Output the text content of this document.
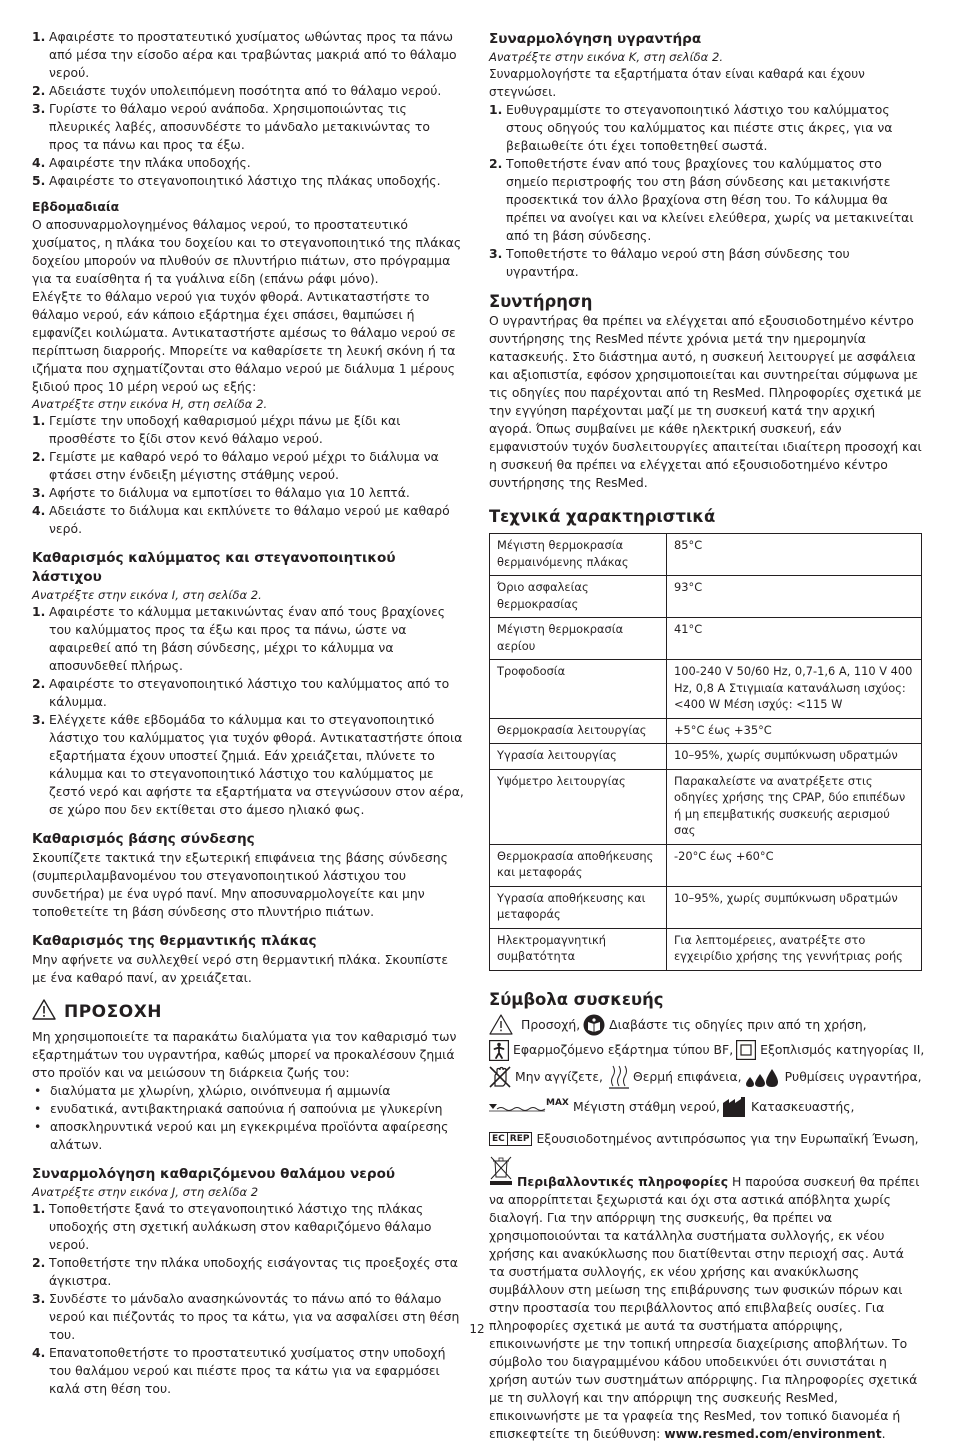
1. Αφαιρέστε το προστατευτικό χυσίματος ωθώντας προς τα πάνω από μέσα την είσοδο αέρα και τραβώντας μακριά από το θάλαμο νερού.
2. Αδειάστε τυχόν υπολειπόμενη ποσότητα από το θάλαμο νερού.
3. Γυρίστε το θάλαμο νερού ανάποδα. Χρησιμοποιώντας τις πλευρικές λαβές, αποσυνδέστε το μάνδαλο μετακινώντας το προς τα πάνω και προς τα έξω.
4. Αφαιρέστε την πλάκα υποδοχής.
5. Αφαιρέστε το στεγανοποιητικό λάστιχο της πλάκας υποδοχής.
Εβδομαδιαία

Ο αποσυναρμολογημένος θάλαμος νερού, το προστατευτικό χυσίματος, η πλάκα του δοχείου και το στεγανοποιητικό της πλάκας δοχείου μπορούν να πλυθούν σε πλυντήριο πιάτων, στο πρόγραμμα για τα ευαίσθητα ή τα γυάλινα είδη (επάνω ράφι μόνο).

Ελέγξτε το θάλαμο νερού για τυχόν φθορά. Αντικαταστήστε το θάλαμο νερού, εάν κάποιο εξάρτημα έχει σπάσει, θαμπώσει ή εμφανίζει κοιλώματα. Αντικαταστήστε αμέσως το θάλαμο νερού σε περίπτωση διαρροής. Μπορείτε να καθαρίσετε τη λευκή σκόνη ή τα ιζήματα που σχηματίζονται στο θάλαμο νερού με διάλυμα 1 μέρους ξιδιού προς 10 μέρη νερού ως εξής:

Ανατρέξτε στην εικόνα H, στη σελίδα 2.

1. Γεμίστε την υποδοχή καθαρισμού μέχρι πάνω με ξίδι και προσθέστε το ξίδι στον κενό θάλαμο νερού.
2. Γεμίστε με καθαρό νερό το θάλαμο νερού μέχρι το διάλυμα να φτάσει στην ένδειξη μέγιστης στάθμης νερού.
3. Αφήστε το διάλυμα να εμποτίσει το θάλαμο για 10 λεπτά.
4. Αδειάστε το διάλυμα και εκπλύνετε το θάλαμο νερού με καθαρό νερό.
Καθαρισμός καλύμματος και στεγανοποιητικού λάστιχου

Ανατρέξτε στην εικόνα I, στη σελίδα 2.

1. Αφαιρέστε το κάλυμμα μετακινώντας έναν από τους βραχίονες του καλύμματος προς τα έξω και προς τα πάνω, ώστε να αφαιρεθεί από τη βάση σύνδεσης, μέχρι το κάλυμμα να αποσυνδεθεί πλήρως.
2. Αφαιρέστε το στεγανοποιητικό λάστιχο του καλύμματος από το κάλυμμα.
3. Ελέγχετε κάθε εβδομάδα το κάλυμμα και το στεγανοποιητικό λάστιχο του καλύμματος για τυχόν φθορά. Αντικαταστήστε όποια εξαρτήματα έχουν υποστεί ζημιά. Εάν χρειάζεται, πλύνετε το κάλυμμα και το στεγανοποιητικό λάστιχο του καλύμματος με ζεστό νερό και αφήστε τα εξαρτήματα να στεγνώσουν στον αέρα, σε χώρο που δεν εκτίθεται στο άμεσο ηλιακό φως.
Καθαρισμός βάσης σύνδεσης

Σκουπίζετε τακτικά την εξωτερική επιφάνεια της βάσης σύνδεσης (συμπεριλαμβανομένου του στεγανοποιητικού λάστιχου του συνδετήρα) με ένα υγρό πανί. Μην αποσυναρμολογείτε και μην τοποθετείτε τη βάση σύνδεσης στο πλυντήριο πιάτων.

Καθαρισμός της θερμαντικής πλάκας

Μην αφήνετε να συλλεχθεί νερό στη θερμαντική πλάκα. Σκουπίστε με ένα καθαρό πανί, αν χρειάζεται.

ΠΡΟΣΟΧΗ

Μη χρησιμοποιείτε τα παρακάτω διαλύματα για τον καθαρισμό των εξαρτημάτων του υγραντήρα, καθώς μπορεί να προκαλέσουν ζημιά στο προϊόν και να μειώσουν τη διάρκεια ζωής του:

• διαλύματα με χλωρίνη, χλώριο, οινόπνευμα ή αμμωνία
• ενυδατικά, αντιβακτηριακά σαπούνια ή σαπούνια με γλυκερίνη
• αποσκληρυντικά νερού και μη εγκεκριμένα προϊόντα αφαίρεσης αλάτων.
Συναρμολόγηση καθαριζόμενου θαλάμου νερού

Ανατρέξτε στην εικόνα J, στη σελίδα 2

1. Τοποθετήστε ξανά το στεγανοποιητικό λάστιχο της πλάκας υποδοχής στη σχετική αυλάκωση στον καθαριζόμενο θάλαμο νερού.
2. Τοποθετήστε την πλάκα υποδοχής εισάγοντας τις προεξοχές στα άγκιστρα.
3. Συνδέστε το μάνδαλο ανασηκώνοντάς το πάνω από το θάλαμο νερού και πιέζοντάς το προς τα κάτω, για να ασφαλίσει στη θέση του.
4. Επανατοποθετήστε το προστατευτικό χυσίματος στην υποδοχή του θαλάμου νερού και πιέστε προς τα κάτω για να εφαρμόσει καλά στη θέση του.
Συναρμολόγηση υγραντήρα

Ανατρέξτε στην εικόνα K, στη σελίδα 2.

Συναρμολογήστε τα εξαρτήματα όταν είναι καθαρά και έχουν στεγνώσει.

1. Ευθυγραμμίστε το στεγανοποιητικό λάστιχο του καλύμματος στους οδηγούς του καλύμματος και πιέστε στις άκρες, για να βεβαιωθείτε ότι έχει τοποθετηθεί σωστά.
2. Τοποθετήστε έναν από τους βραχίονες του καλύμματος στο σημείο περιστροφής του στη βάση σύνδεσης και μετακινήστε προσεκτικά τον άλλο βραχίονα στη θέση του. Το κάλυμμα θα πρέπει να ανοίγει και να κλείνει ελεύθερα, χωρίς να μετακινείται από τη βάση σύνδεσης.
3. Τοποθετήστε το θάλαμο νερού στη βάση σύνδεσης του υγραντήρα.
Συντήρηση

Ο υγραντήρας θα πρέπει να ελέγχεται από εξουσιοδοτημένο κέντρο συντήρησης της ResMed πέντε χρόνια μετά την ημερομηνία κατασκευής. Στο διάστημα αυτό, η συσκευή λειτουργεί με ασφάλεια και αξιοπιστία, εφόσον χρησιμοποιείται και συντηρείται σύμφωνα με τις οδηγίες που παρέχονται από τη ResMed. Πληροφορίες σχετικά με την εγγύηση παρέχονται μαζί με τη συσκευή κατά την αρχική αγορά. Όπως συμβαίνει με κάθε ηλεκτρική συσκευή, εάν εμφανιστούν τυχόν δυσλειτουργίες απαιτείται ιδιαίτερη προσοχή και η συσκευή θα πρέπει να ελέγχεται από εξουσιοδοτημένο κέντρο συντήρησης της ResMed.

Τεχνικά χαρακτηριστικά
Μέγιστη θερμοκρασία θερμαινόμενης πλάκας	85°C
Όριο ασφαλείας θερμοκρασίας	93°C
Μέγιστη θερμοκρασία αερίου	41°C
Τροφοδοσία	100-240 V 50/60 Hz, 0,7-1,6 A, 110 V 400 Hz, 0,8 A Στιγμιαία κατανάλωση ισχύος: <400 W Μέση ισχύς: <115 W
Θερμοκρασία λειτουργίας	+5°C έως +35°C
Υγρασία λειτουργίας	10–95%, χωρίς συμπύκνωση υδρατμών
Υψόμετρο λειτουργίας	Παρακαλείστε να ανατρέξετε στις οδηγίες χρήσης της CPAP, δύο επιπέδων ή μη επεμβατικής συσκευής αερισμού σας
Θερμοκρασία αποθήκευσης και μεταφοράς	-20°C έως +60°C
Υγρασία αποθήκευσης και μεταφοράς	10–95%, χωρίς συμπύκνωση υδρατμών
Ηλεκτρομαγνητική συμβατότητα	Για λεπτομέρειες, ανατρέξτε στο εγχειρίδιο χρήσης της γεννήτριας ροής
Σύμβολα συσκευής
Προσοχή, Διαβάστε τις οδηγίες πριν από τη χρήση,
Εφαρμοζόμενο εξάρτημα τύπου BF, Εξοπλισμός κατηγορίας II,
Μην αγγίζετε, Θερμή επιφάνεια,	Ρυθμίσεις υγραντήρα,
MAX Μέγιστη στάθμη νερού,	Κατασκευαστής,
EC REP Εξουσιοδοτημένος αντιπρόσωπος για την Ευρωπαϊκή Ένωση,

Περιβαλλοντικές πληροφορίες Η παρούσα συσκευή θα πρέπει να απορρίπτεται ξεχωριστά και όχι στα αστικά απόβλητα χωρίς διαλογή. Για την απόρριψη της συσκευής, θα πρέπει να χρησιμοποιούνται τα κατάλληλα συστήματα συλλογής, εκ νέου χρήσης και ανακύκλωσης που διατίθενται στην περιοχή σας. Αυτά τα συστήματα συλλογής, εκ νέου χρήσης και ανακύκλωσης συμβάλλουν στη μείωση της επιβάρυνσης των φυσικών πόρων και στην προστασία του περιβάλλοντος από επιβλαβείς ουσίες. Για πληροφορίες σχετικά με αυτά τα συστήματα απόρριψης, επικοινωνήστε με την τοπική υπηρεσία διαχείρισης αποβλήτων. Το σύμβολο του διαγραμμένου κάδου υποδεικνύει ότι συνιστάται η χρήση αυτών των συστημάτων απόρριψης. Για πληροφορίες σχετικά με τη συλλογή και την απόρριψη της συσκευής ResMed, επικοινωνήστε με τα γραφεία της ResMed, τον τοπικό διανομέα ή επισκεφτείτε τη διεύθυνση: www.resmed.com/environment.

12
